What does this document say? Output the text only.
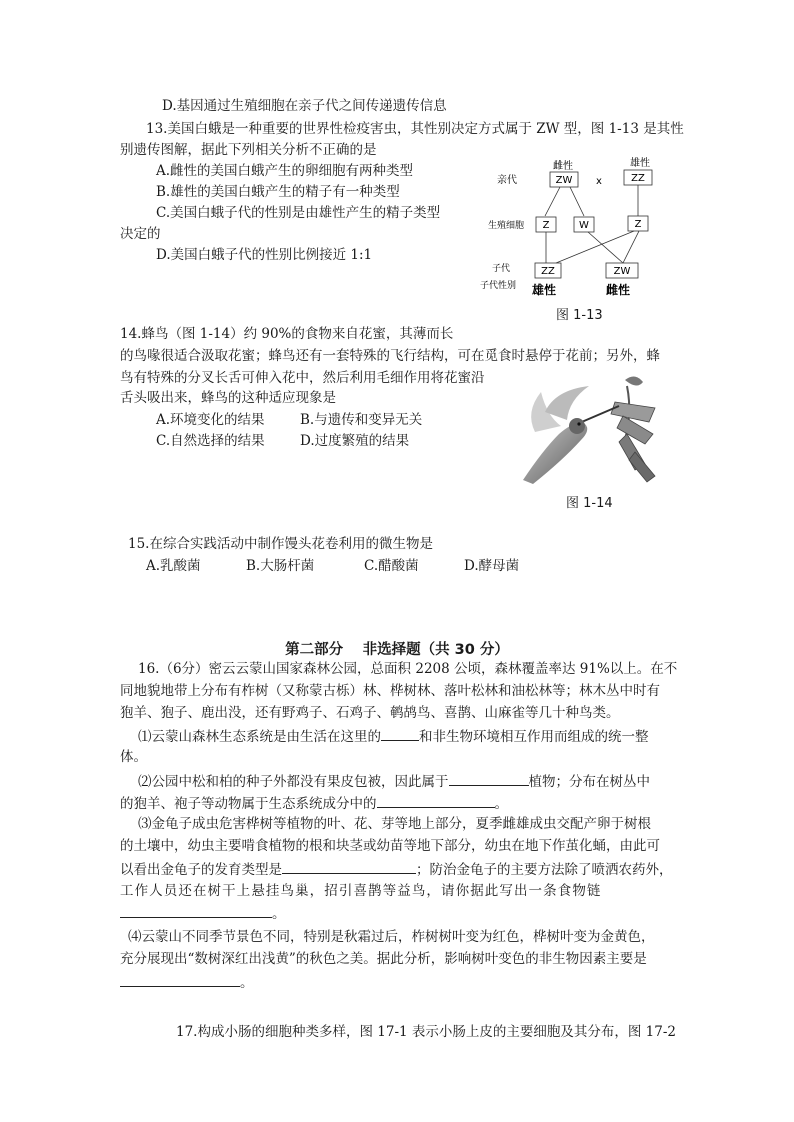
D.基因通过生殖细胞在亲子代之间传递遗传信息
13.美国白蛾是一种重要的世界性检疫害虫，其性别决定方式属于 ZW 型，图 1-13 是其性
别遗传图解，据此下列相关分析不正确的是
A.雌性的美国白蛾产生的卵细胞有两种类型
B.雄性的美国白蛾产生的精子有一种类型
C.美国白蛾子代的性别是由雄性产生的精子类型
决定的
D.美国白蛾子代的性别比例接近 1:1
雌性	雄性
亲代	ZW x	ZZ
生殖细胞 Z	W	Z
子代	ZZ	ZW
子代性别 雄性	雌性
图 1-13
14.蜂鸟（图 1-14）约 90%的食物来自花蜜，其薄而长
的鸟喙很适合汲取花蜜；蜂鸟还有一套特殊的飞行结构，可在觅食时悬停于花前；另外，蜂
鸟有特殊的分叉长舌可伸入花中，然后利用毛细作用将花蜜沿
舌头吸出来，蜂鸟的这种适应现象是
A.环境变化的结果	B.与遗传和变异无关
C.自然选择的结果	D.过度繁殖的结果
图 1-14
15.在综合实践活动中制作馒头花卷利用的微生物是
A.乳酸菌	B.大肠杆菌	C.醋酸菌	D.酵母菌
第二部分　 非选择题（共 30 分）
16.（6分）密云云蒙山国家森林公园，总面积 2208 公顷，森林覆盖率达 91%以上。在不
同地貌地带上分布有柞树（又称蒙古栎）林、桦树林、落叶松林和油松林等；林木丛中时有
狍羊、狍子、鹿出没，还有野鸡子、石鸡子、鹌鸪鸟、喜鹊、山麻雀等几十种鸟类。
⑴云蒙山森林生态系统是由生活在这里的	和非生物环境相互作用而组成的统一整
体。
⑵公园中松和柏的种子外都没有果皮包被，因此属于	植物；分布在树丛中
的狍羊、袍子等动物属于生态系统成分中的	。
⑶金龟子成虫危害桦树等植物的叶、花、芽等地上部分，夏季雌雄成虫交配产卵于树根
的土壤中，幼虫主要啃食植物的根和块茎或幼苗等地下部分，幼虫在地下作茧化蛹，由此可
以看出金龟子的发育类型是	；防治金龟子的主要方法除了喷洒农药外，
工 作 人 员 还 在 树 干 上 悬 挂 鸟 巢 ， 招 引 喜 鹊 等 益 鸟 ， 请 你 据 此 写 出 一 条 食 物 链
。
⑷云蒙山不同季节景色不同，特别是秋霜过后，柞树树叶变为红色，桦树叶变为金黄色，
充分展现出“数树深红出浅黄”的秋色之美。据此分析，影响树叶变色的非生物因素主要是
。
17.构成小肠的细胞种类多样，图 17-1 表示小肠上皮的主要细胞及其分布，图 17-2
